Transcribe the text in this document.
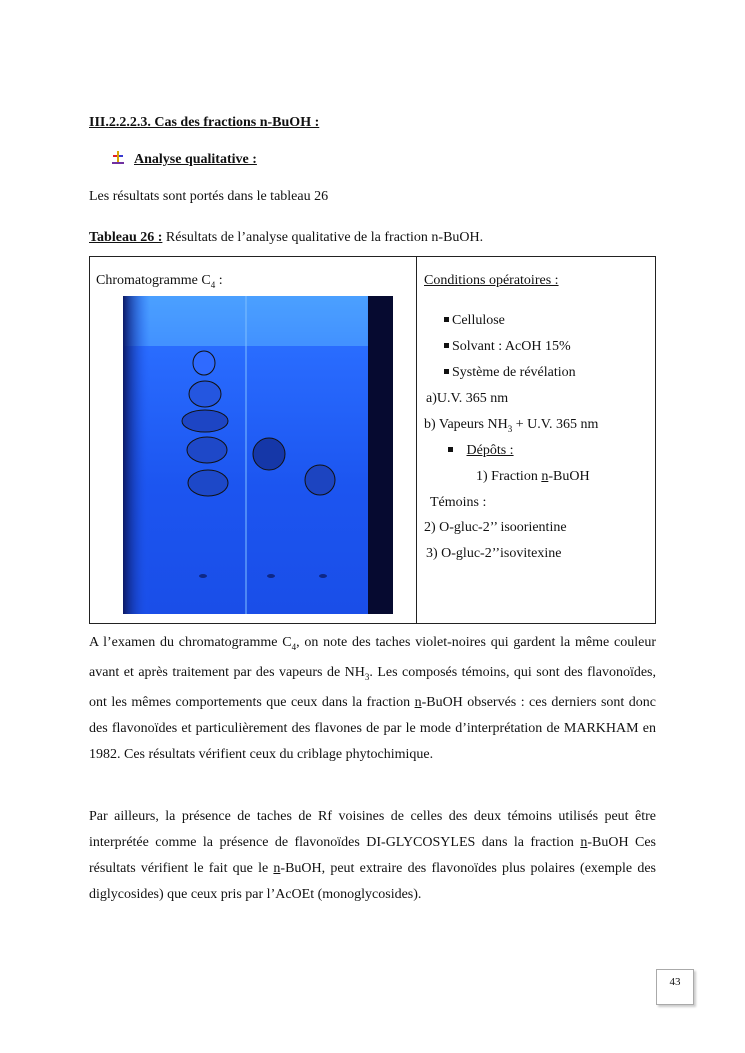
III.2.2.2.3. Cas des fractions n-BuOH :
Analyse qualitative :
Les résultats sont portés dans le tableau 26
Tableau 26 : Résultats de l’analyse qualitative de la fraction n-BuOH.
Chromatogramme $C_4$ :	Conditions opératoires :
Cellulose
Solvant : AcOH 15%
Système de révélation
a)U.V. 365 nm
b) Vapeurs $NH_3 + U.V$. 365 nm
Dépôts :
1) Fraction n-BuOH
Témoins :
2) O-gluc-2’’ isoorientine
3) O-gluc-2’’isovitexine

A l’examen du chromatogramme $C_4$, on note des taches violet-noires qui gardent la même couleur avant et après traitement par des vapeurs de $NH_3$. Les composés témoins, qui sont des flavonoïdes, ont les mêmes comportements que ceux dans la fraction n-BuOH observés : ces derniers sont donc des flavonoïdes et particulièrement des flavones de par le mode d’interprétation de MARKHAM en 1982. Ces résultats vérifient ceux du criblage phytochimique.

Par ailleurs, la présence de taches de Rf voisines de celles des deux témoins utilisés peut être interprétée comme la présence de flavonoïdes DI-GLYCOSYLES dans la fraction n-BuOH Ces résultats vérifient le fait que le n-BuOH, peut extraire des flavonoïdes plus polaires (exemple des diglycosides) que ceux pris par l’AcOEt (monoglycosides).

43
